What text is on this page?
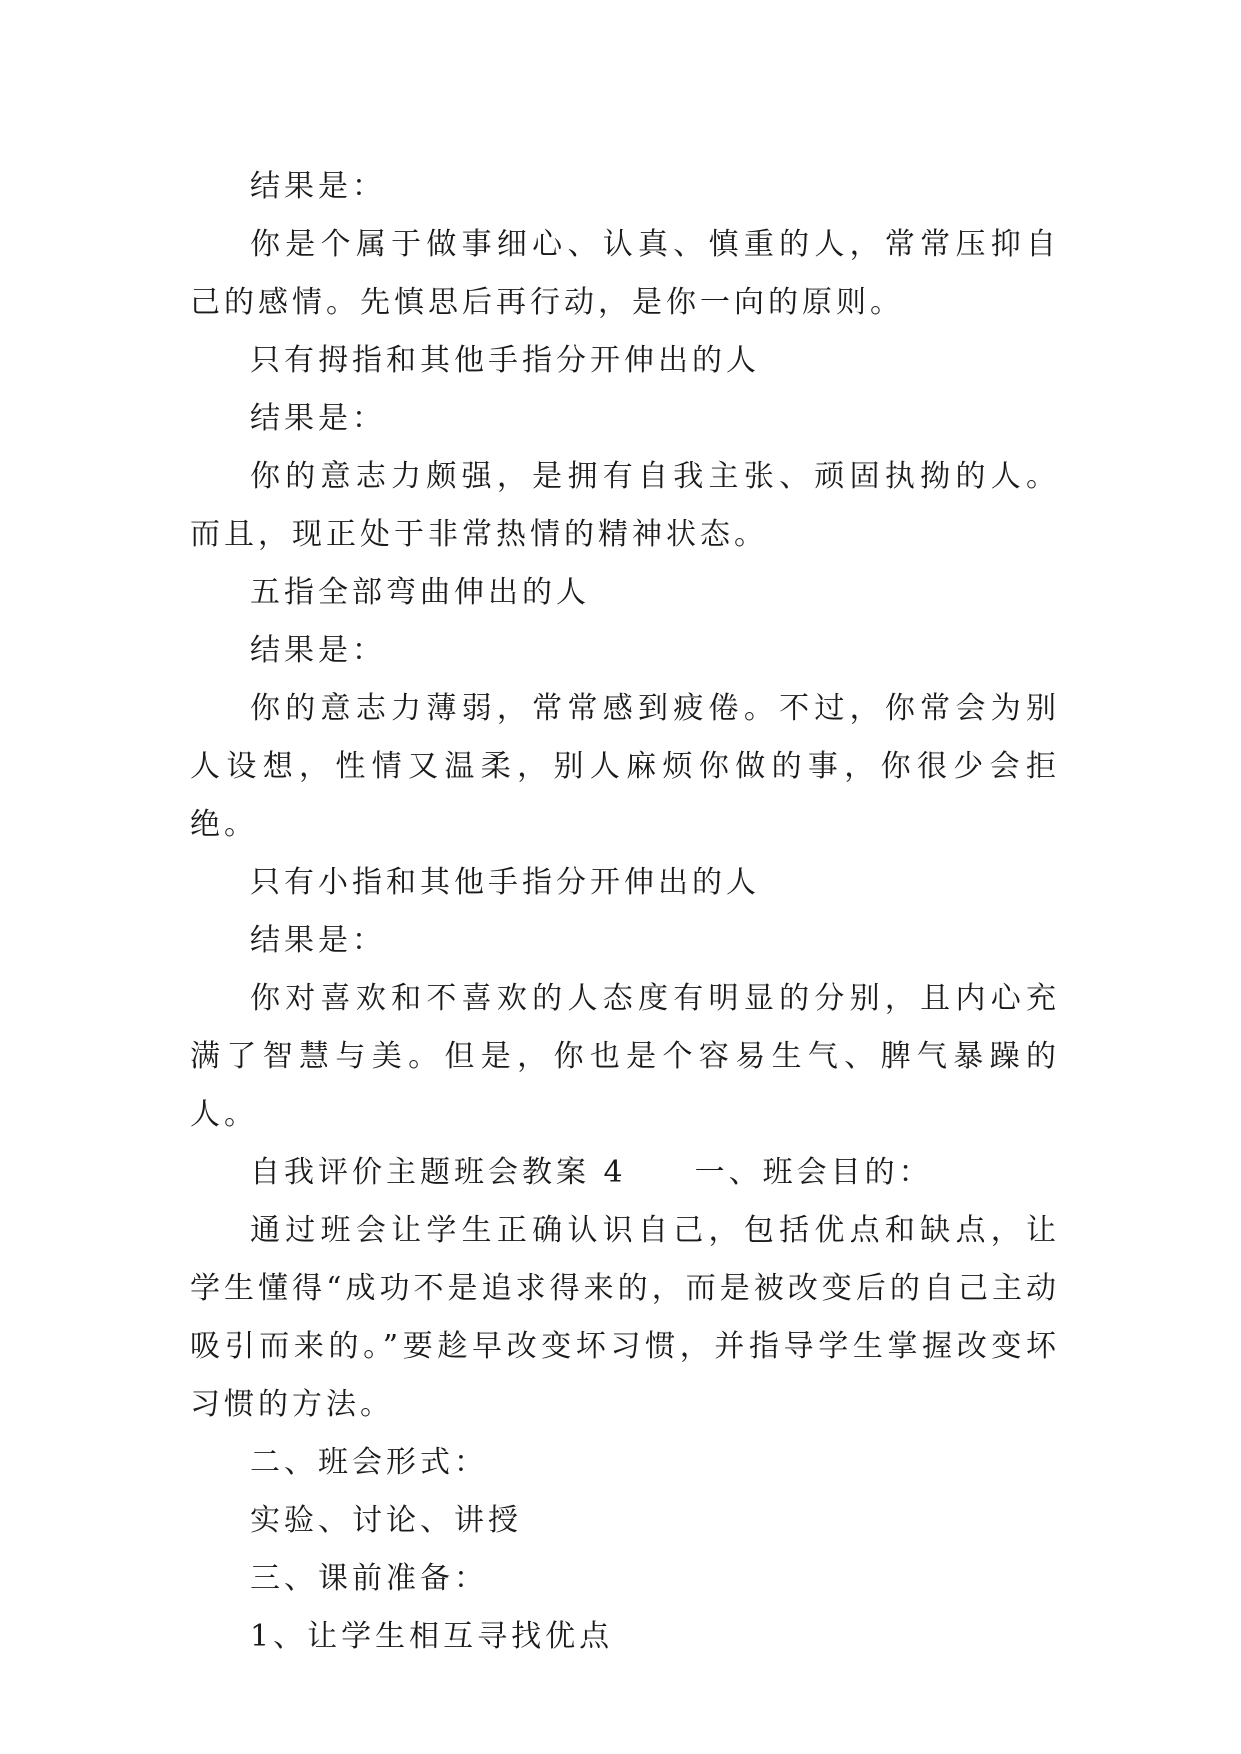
结果是：

你是个属于做事细心、认真、慎重的人，常常压抑自己的感情。先慎思后再行动，是你一向的原则。

只有拇指和其他手指分开伸出的人

结果是：

你的意志力颇强，是拥有自我主张、顽固执拗的人。而且，现正处于非常热情的精神状态。

五指全部弯曲伸出的人

结果是：

你的意志力薄弱，常常感到疲倦。不过，你常会为别人设想，性情又温柔，别人麻烦你做的事，你很少会拒绝。

只有小指和其他手指分开伸出的人

结果是：

你对喜欢和不喜欢的人态度有明显的分别，且内心充满了智慧与美。但是，你也是个容易生气、脾气暴躁的人。

自我评价主题班会教案 4　　一、班会目的：

通过班会让学生正确认识自己，包括优点和缺点，让学生懂得“成功不是追求得来的，而是被改变后的自己主动吸引而来的。”要趁早改变坏习惯，并指导学生掌握改变坏习惯的方法。

二、班会形式：

实验、讨论、讲授

三、课前准备：

1、让学生相互寻找优点
